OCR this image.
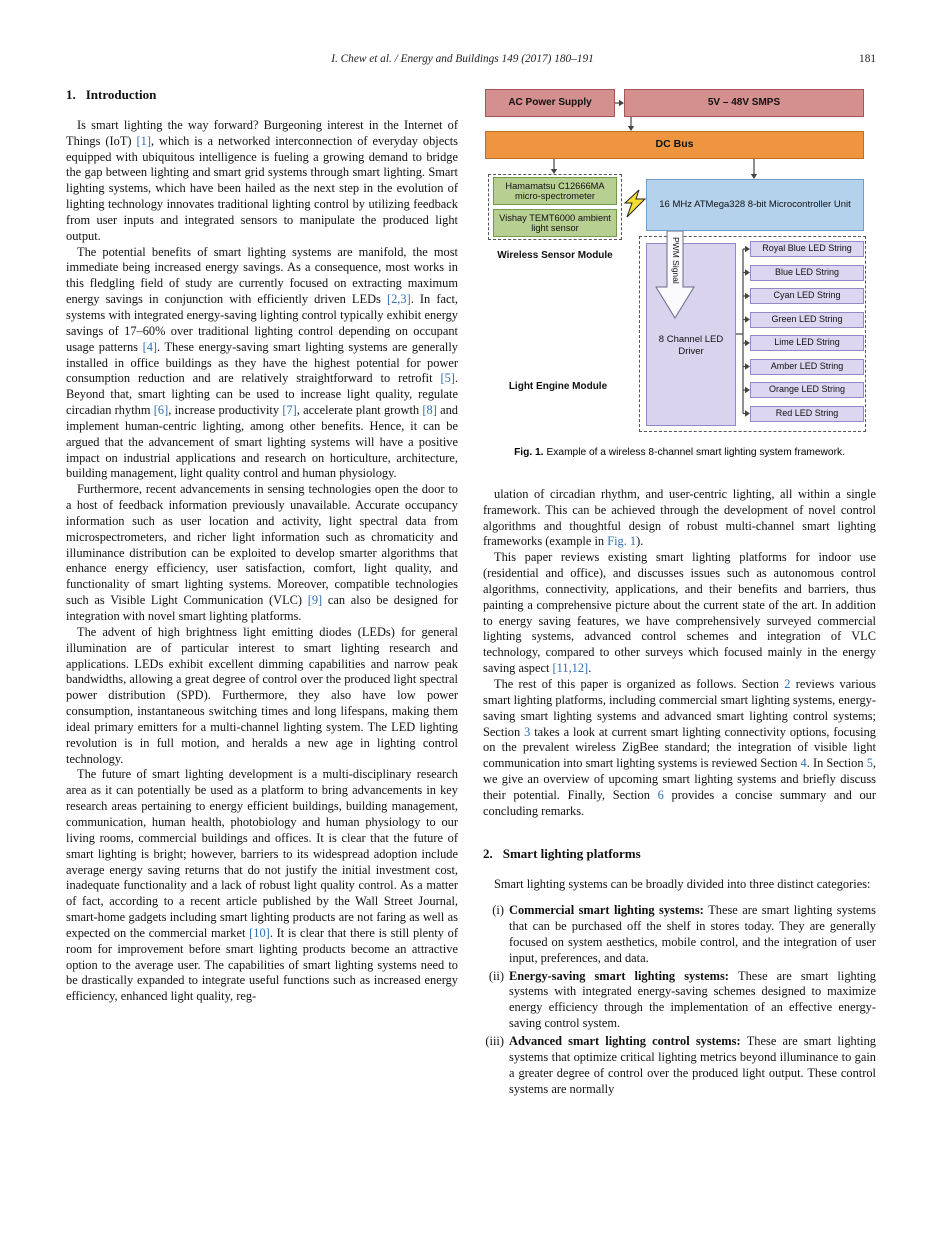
I. Chew et al. / Energy and Buildings 149 (2017) 180–191	181
1. Introduction

Is smart lighting the way forward? Burgeoning interest in the Internet of Things (IoT) [1], which is a networked interconnection of everyday objects equipped with ubiquitous intelligence is fueling a growing demand to bridge the gap between lighting and smart grid systems through smart lighting. Smart lighting systems, which have been hailed as the next step in the evolution of lighting technology innovates traditional lighting control by utilizing feedback from user inputs and integrated sensors to manipulate the produced light output.

The potential benefits of smart lighting systems are manifold, the most immediate being increased energy savings. As a consequence, most works in this fledgling field of study are currently focused on extracting maximum energy savings in conjunction with efficiently driven LEDs [2,3]. In fact, systems with integrated energy-saving lighting control typically exhibit energy savings of 17–60% over traditional lighting control depending on occupant usage patterns [4]. These energy-saving smart lighting systems are generally installed in office buildings as they have the highest potential for power consumption reduction and are relatively straightforward to retrofit [5]. Beyond that, smart lighting can be used to increase light quality, regulate circadian rhythm [6], increase productivity [7], accelerate plant growth [8] and implement human-centric lighting, among other benefits. Hence, it can be argued that the advancement of smart lighting systems will have a positive impact on industrial applications and research on horticulture, architecture, building management, light quality control and human physiology.

Furthermore, recent advancements in sensing technologies open the door to a host of feedback information previously unavailable. Accurate occupancy information such as user location and activity, light spectral data from microspectrometers, and richer light information such as chromaticity and illuminance distribution can be exploited to develop smarter algorithms that enhance energy efficiency, user satisfaction, comfort, light quality, and functionality of smart lighting systems. Moreover, compatible technologies such as Visible Light Communication (VLC) [9] can also be designed for integration with novel smart lighting platforms.

The advent of high brightness light emitting diodes (LEDs) for general illumination are of particular interest to smart lighting research and applications. LEDs exhibit excellent dimming capabilities and narrow peak bandwidths, allowing a great degree of control over the produced light spectral power distribution (SPD). Furthermore, they also have low power consumption, instantaneous switching times and long lifespans, making them ideal primary emitters for a multi-channel lighting system. The LED lighting revolution is in full motion, and heralds a new age in lighting control technology.

The future of smart lighting development is a multi-disciplinary research area as it can potentially be used as a platform to bring advancements in key research areas pertaining to energy efficient buildings, building management, communication, human health, photobiology and human physiology to our living rooms, commercial buildings and offices. It is clear that the future of smart lighting is bright; however, barriers to its widespread adoption include average energy saving returns that do not justify the initial investment cost, inadequate functionality and a lack of robust light quality control. As a matter of fact, according to a recent article published by the Wall Street Journal, smart-home gadgets including smart lighting products are not faring as well as expected on the commercial market [10]. It is clear that there is still plenty of room for improvement before smart lighting products become an attractive option to the average user. The capabilities of smart lighting systems need to be drastically expanded to integrate useful functions such as increased energy efficiency, enhanced light quality, reg-

AC Power Supply	5V – 48V SMPS
DC Bus
Hamamatsu C12666MA micro-spectrometer
Vishay TEMT6000 ambient light sensor
Wireless Sensor Module
16 MHz ATMega328 8-bit Microcontroller Unit
8 Channel LED Driver
PWM Signal	Royal Blue LED String
Blue LED String
Cyan LED String
Green LED String
Lime LED String
Amber LED String
Orange LED String
Red LED String
Light Engine Module
Fig. 1. Example of a wireless 8-channel smart lighting system framework.

ulation of circadian rhythm, and user-centric lighting, all within a single framework. This can be achieved through the development of novel control algorithms and thoughtful design of robust multi-channel smart lighting frameworks (example in Fig. 1).

This paper reviews existing smart lighting platforms for indoor use (residential and office), and discusses issues such as autonomous control algorithms, connectivity, applications, and their benefits and barriers, thus painting a comprehensive picture about the current state of the art. In addition to energy saving features, we have comprehensively surveyed commercial lighting systems, advanced control schemes and integration of VLC technology, compared to other surveys which focused mainly in the energy saving aspect [11,12].

The rest of this paper is organized as follows. Section 2 reviews various smart lighting platforms, including commercial smart lighting systems, energy-saving smart lighting systems and advanced smart lighting control systems; Section 3 takes a look at current smart lighting connectivity options, focusing on the prevalent wireless ZigBee standard; the integration of visible light communication into smart lighting systems is reviewed Section 4. In Section 5, we give an overview of upcoming smart lighting systems and briefly discuss their potential. Finally, Section 6 provides a concise summary and our concluding remarks.

2. Smart lighting platforms

Smart lighting systems can be broadly divided into three distinct categories:

(i) Commercial smart lighting systems: These are smart lighting systems that can be purchased off the shelf in stores today. They are generally focused on system aesthetics, mobile control, and the integration of user input, preferences, and data.
(ii) Energy-saving smart lighting systems: These are smart lighting systems with integrated energy-saving schemes designed to maximize energy efficiency through the implementation of an effective energy-saving control system.
(iii) Advanced smart lighting control systems: These are smart lighting systems that optimize critical lighting metrics beyond illuminance to gain a greater degree of control over the produced light output. These control systems are normally
